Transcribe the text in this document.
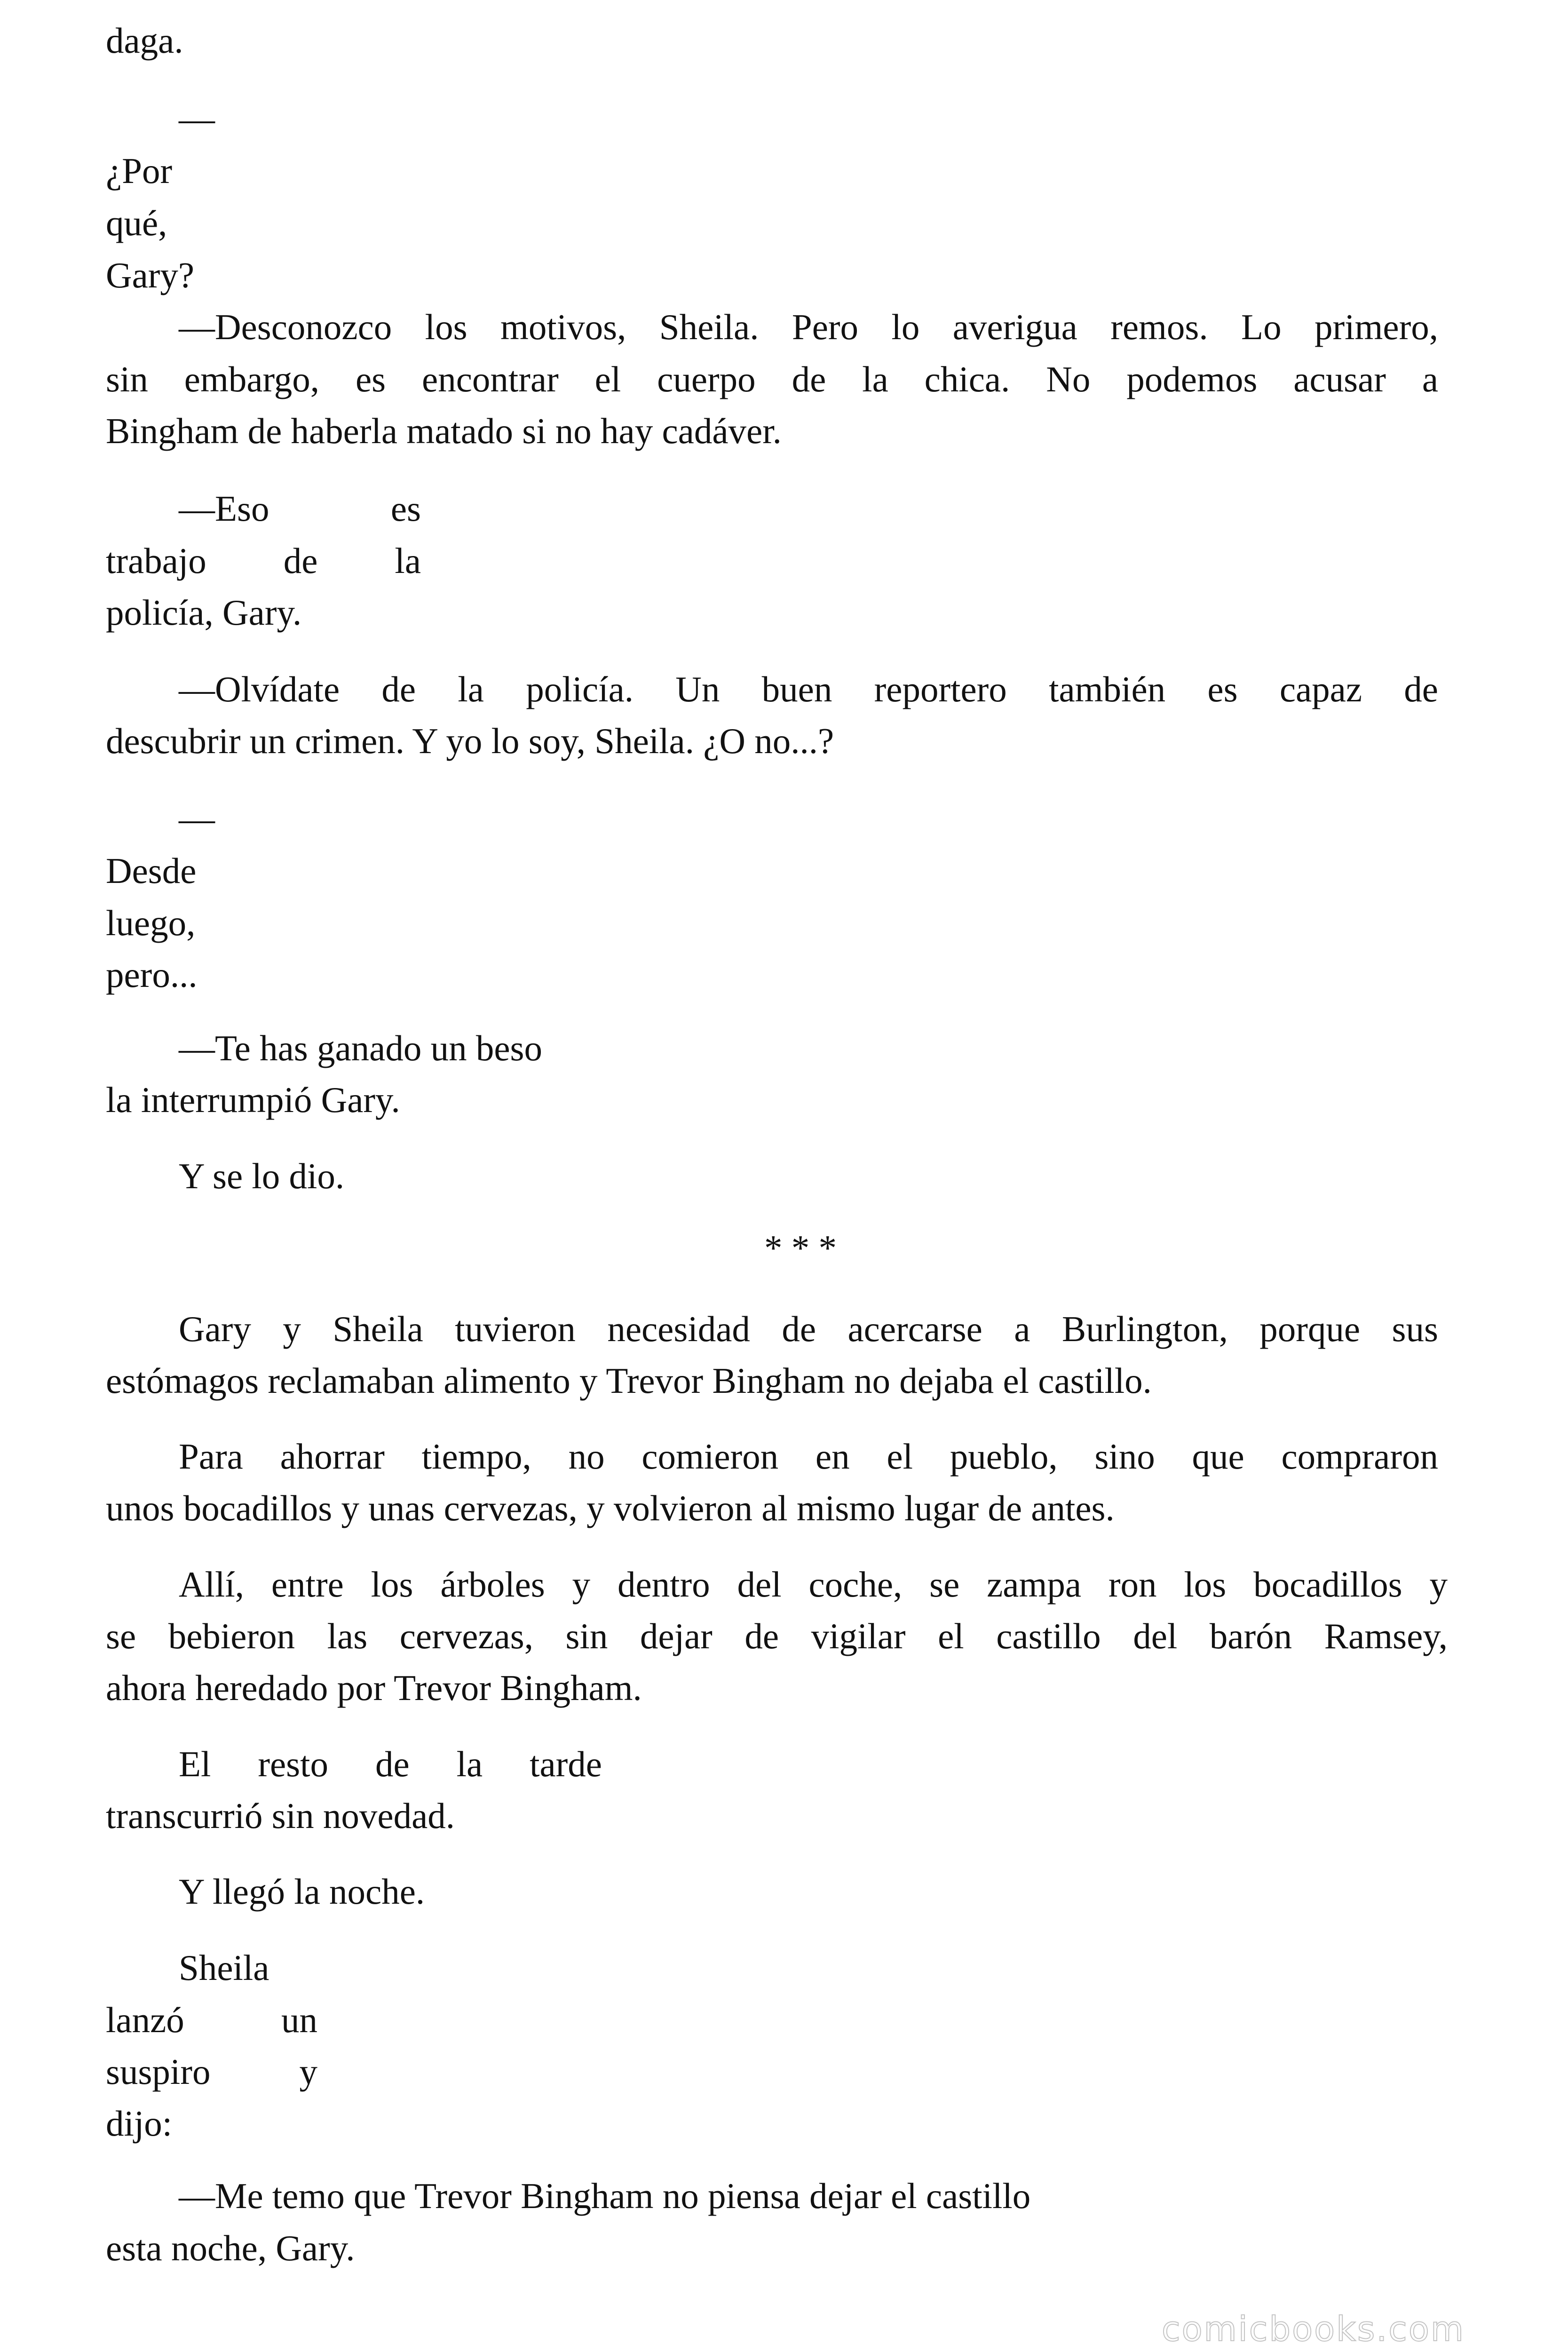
daga.

—

¿Por

qué,

Gary?

—Desconozco los motivos, Sheila. Pero lo averigua remos. Lo primero,

sin embargo, es encontrar el cuerpo de la chica. No podemos acusar a

Bingham de haberla matado si no hay cadáver.

—Eso es

trabajo de la

policía, Gary.

—Olvídate de la policía. Un buen reportero también es capaz de

descubrir un crimen. Y yo lo soy, Sheila. ¿O no...?

—

Desde

luego,

pero...

—Te has ganado un beso

la interrumpió Gary.

Y se lo dio.

* * *

Gary y Sheila tuvieron necesidad de acercarse a Burlington, porque sus

estómagos reclamaban alimento y Trevor Bingham no dejaba el castillo.

Para ahorrar tiempo, no comieron en el pueblo, sino que compraron

unos bocadillos y unas cervezas, y volvieron al mismo lugar de antes.

Allí, entre los árboles y dentro del coche, se zampa ron los bocadillos y

se bebieron las cervezas, sin dejar de vigilar el castillo del barón Ramsey,

ahora heredado por Trevor Bingham.

El resto de la tarde

transcurrió sin novedad.

Y llegó la noche.

Sheila

lanzó un

suspiro y

dijo:

—Me temo que Trevor Bingham no piensa dejar el castillo

esta noche, Gary.

comicbooks.com
